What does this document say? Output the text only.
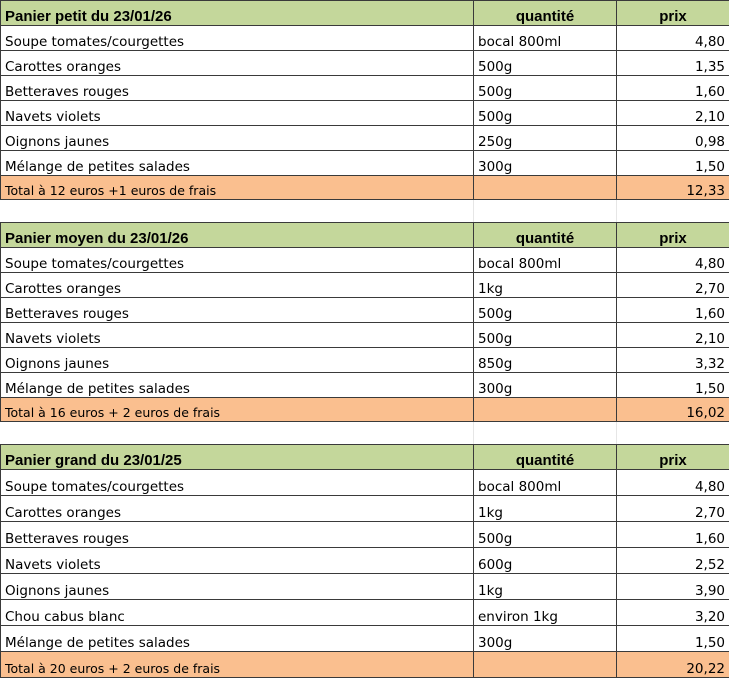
Panier petit du 23/01/26	quantité	prix
Soupe tomates/courgettes	bocal 800ml	4,80
Carottes oranges	500g	1,35
Betteraves rouges	500g	1,60
Navets violets	500g	2,10
Oignons jaunes	250g	0,98
Mélange de petites salades	300g	1,50
Total à 12 euros +1 euros de frais		12,33

Panier moyen du 23/01/26	quantité	prix
Soupe tomates/courgettes	bocal 800ml	4,80
Carottes oranges	1kg	2,70
Betteraves rouges	500g	1,60
Navets violets	500g	2,10
Oignons jaunes	850g	3,32
Mélange de petites salades	300g	1,50
Total à 16 euros + 2 euros de frais		16,02

Panier grand du 23/01/25	quantité	prix
Soupe tomates/courgettes	bocal 800ml	4,80
Carottes oranges	1kg	2,70
Betteraves rouges	500g	1,60
Navets violets	600g	2,52
Oignons jaunes	1kg	3,90
Chou cabus blanc	environ 1kg	3,20
Mélange de petites salades	300g	1,50
Total à 20 euros + 2 euros de frais		20,22
